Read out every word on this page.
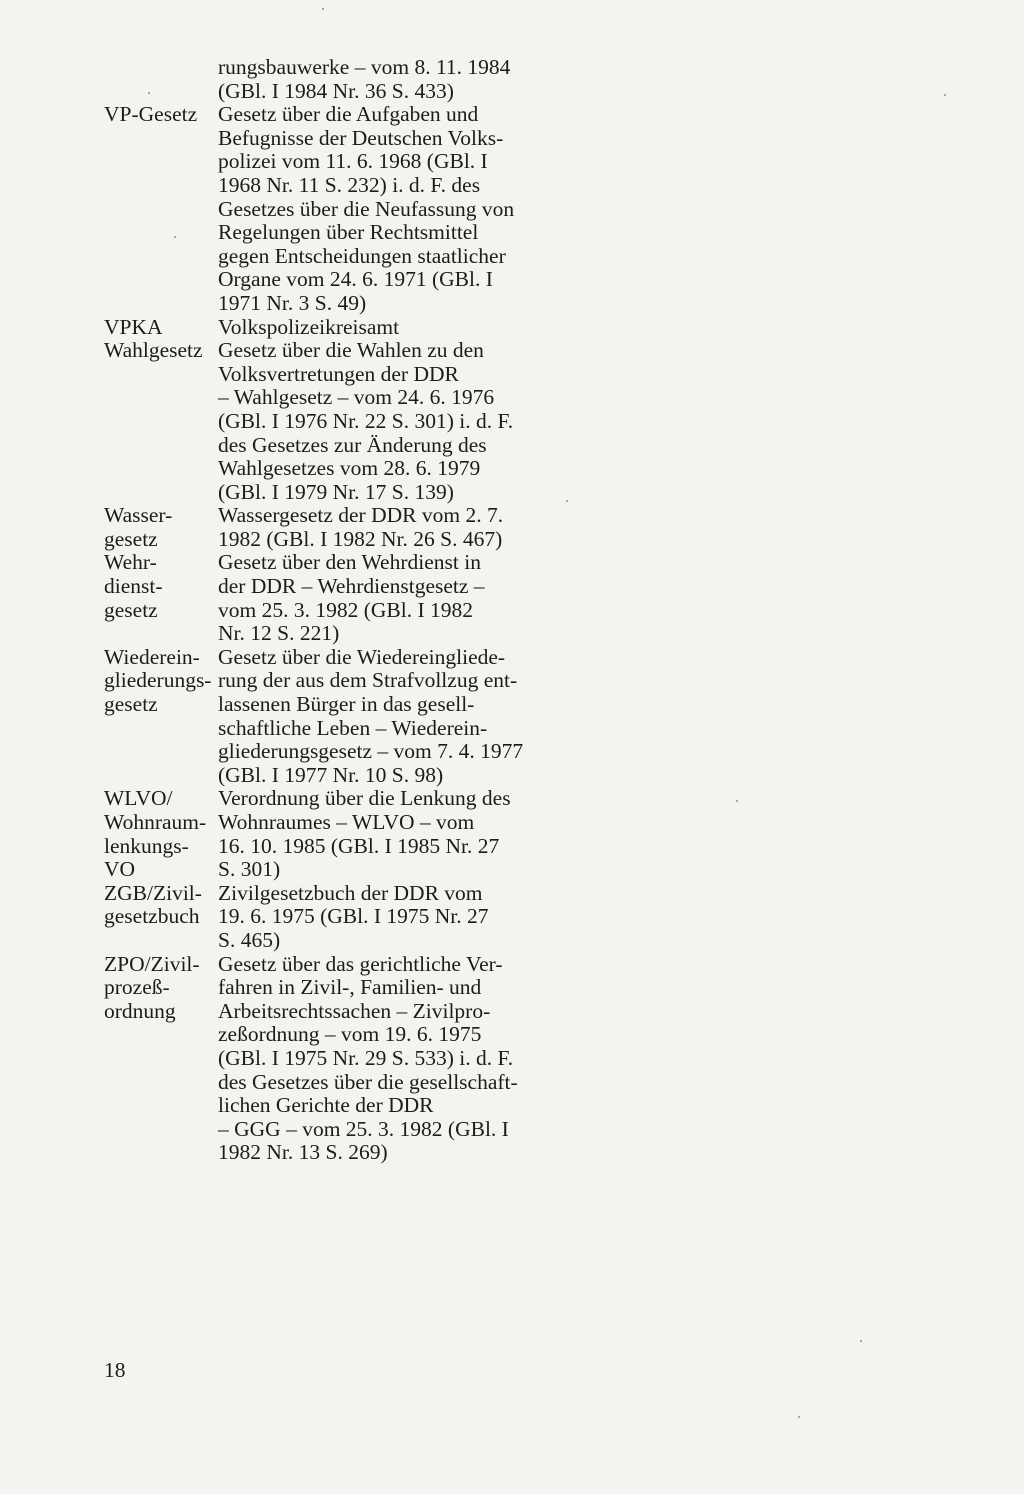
rungsbauwerke – vom 8. 11. 1984
(GBl. I 1984 Nr. 36 S. 433)
VP-Gesetz Gesetz über die Aufgaben und
Befugnisse der Deutschen Volks-
polizei vom 11. 6. 1968 (GBl. I
1968 Nr. 11 S. 232) i. d. F. des
Gesetzes über die Neufassung von
Regelungen über Rechtsmittel
gegen Entscheidungen staatlicher
Organe vom 24. 6. 1971 (GBl. I
1971 Nr. 3 S. 49)
VPKA	Volkspolizeikreisamt
Wahlgesetz Gesetz über die Wahlen zu den
Volksvertretungen der DDR
– Wahlgesetz – vom 24. 6. 1976
(GBl. I 1976 Nr. 22 S. 301) i. d. F.
des Gesetzes zur Änderung des
Wahlgesetzes vom 28. 6. 1979
(GBl. I 1979 Nr. 17 S. 139)
Wasser-
gesetz
Wassergesetz der DDR vom 2. 7.
1982 (GBl. I 1982 Nr. 26 S. 467)
Wehr-
dienst-
gesetz
Gesetz über den Wehrdienst in
der DDR – Wehrdienstgesetz –
vom 25. 3. 1982 (GBl. I 1982
Nr. 12 S. 221)
Wiederein-
gliederungs-
gesetz
Gesetz über die Wiedereingliede-
rung der aus dem Strafvollzug ent-
lassenen Bürger in das gesell-
schaftliche Leben – Wiederein-
gliederungsgesetz – vom 7. 4. 1977
(GBl. I 1977 Nr. 10 S. 98)
WLVO/
Wohnraum-
lenkungs-
VO
Verordnung über die Lenkung des
Wohnraumes – WLVO – vom
16. 10. 1985 (GBl. I 1985 Nr. 27
S. 301)
ZGB/Zivil-
gesetzbuch
Zivilgesetzbuch der DDR vom
19. 6. 1975 (GBl. I 1975 Nr. 27
S. 465)
ZPO/Zivil-
prozeß-
ordnung
Gesetz über das gerichtliche Ver-
fahren in Zivil-, Familien- und
Arbeitsrechtssachen – Zivilpro-
zeßordnung – vom 19. 6. 1975
(GBl. I 1975 Nr. 29 S. 533) i. d. F.
des Gesetzes über die gesellschaft-
lichen Gerichte der DDR
– GGG – vom 25. 3. 1982 (GBl. I
1982 Nr. 13 S. 269)
18
